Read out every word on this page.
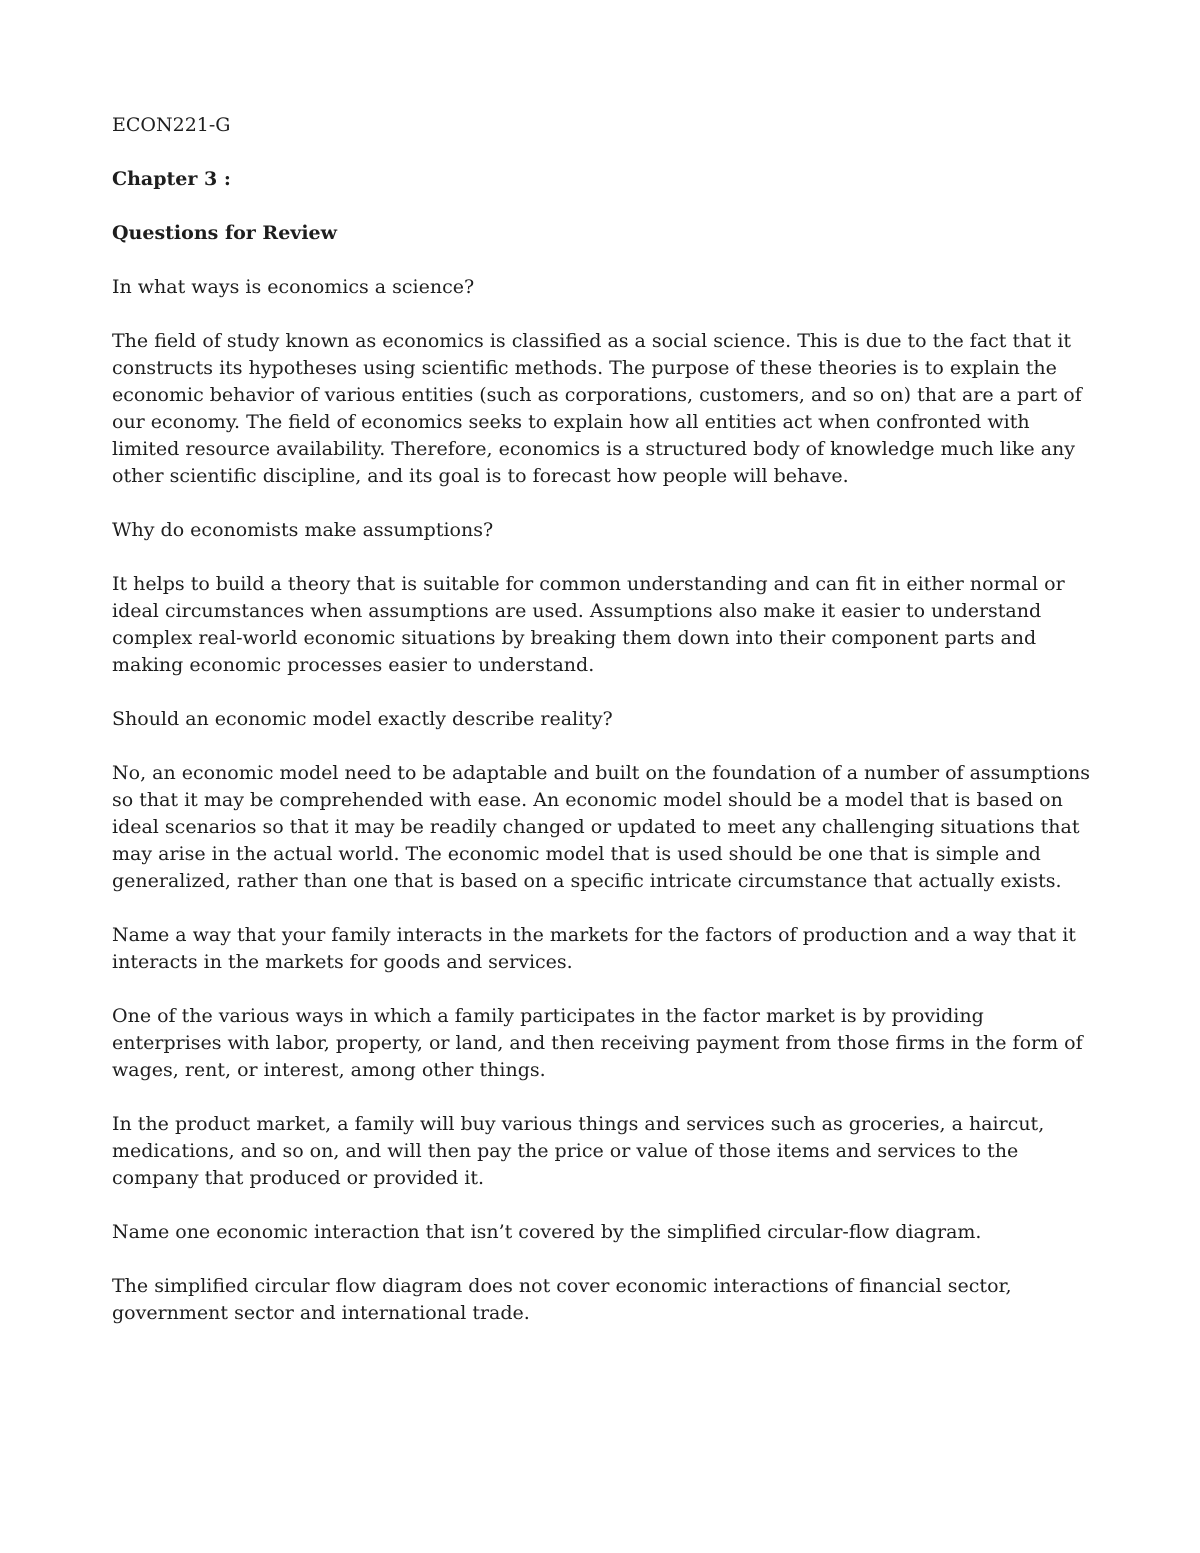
ECON221-G

Chapter 3 :

Questions for Review

In what ways is economics a science?

The field of study known as economics is classified as a social science. This is due to the fact that it constructs its hypotheses using scientific methods. The purpose of these theories is to explain the economic behavior of various entities (such as corporations, customers, and so on) that are a part of our economy. The field of economics seeks to explain how all entities act when confronted with limited resource availability. Therefore, economics is a structured body of knowledge much like any other scientific discipline, and its goal is to forecast how people will behave.

Why do economists make assumptions?

It helps to build a theory that is suitable for common understanding and can fit in either normal or ideal circumstances when assumptions are used. Assumptions also make it easier to understand complex real-world economic situations by breaking them down into their component parts and making economic processes easier to understand.

Should an economic model exactly describe reality?

No, an economic model need to be adaptable and built on the foundation of a number of assumptions so that it may be comprehended with ease. An economic model should be a model that is based on ideal scenarios so that it may be readily changed or updated to meet any challenging situations that may arise in the actual world. The economic model that is used should be one that is simple and generalized, rather than one that is based on a specific intricate circumstance that actually exists.

Name a way that your family interacts in the markets for the factors of production and a way that it interacts in the markets for goods and services.

One of the various ways in which a family participates in the factor market is by providing enterprises with labor, property, or land, and then receiving payment from those firms in the form of wages, rent, or interest, among other things.

In the product market, a family will buy various things and services such as groceries, a haircut, medications, and so on, and will then pay the price or value of those items and services to the company that produced or provided it.

Name one economic interaction that isn’t covered by the simplified circular-flow diagram.

The simplified circular flow diagram does not cover economic interactions of financial sector, government sector and international trade.
